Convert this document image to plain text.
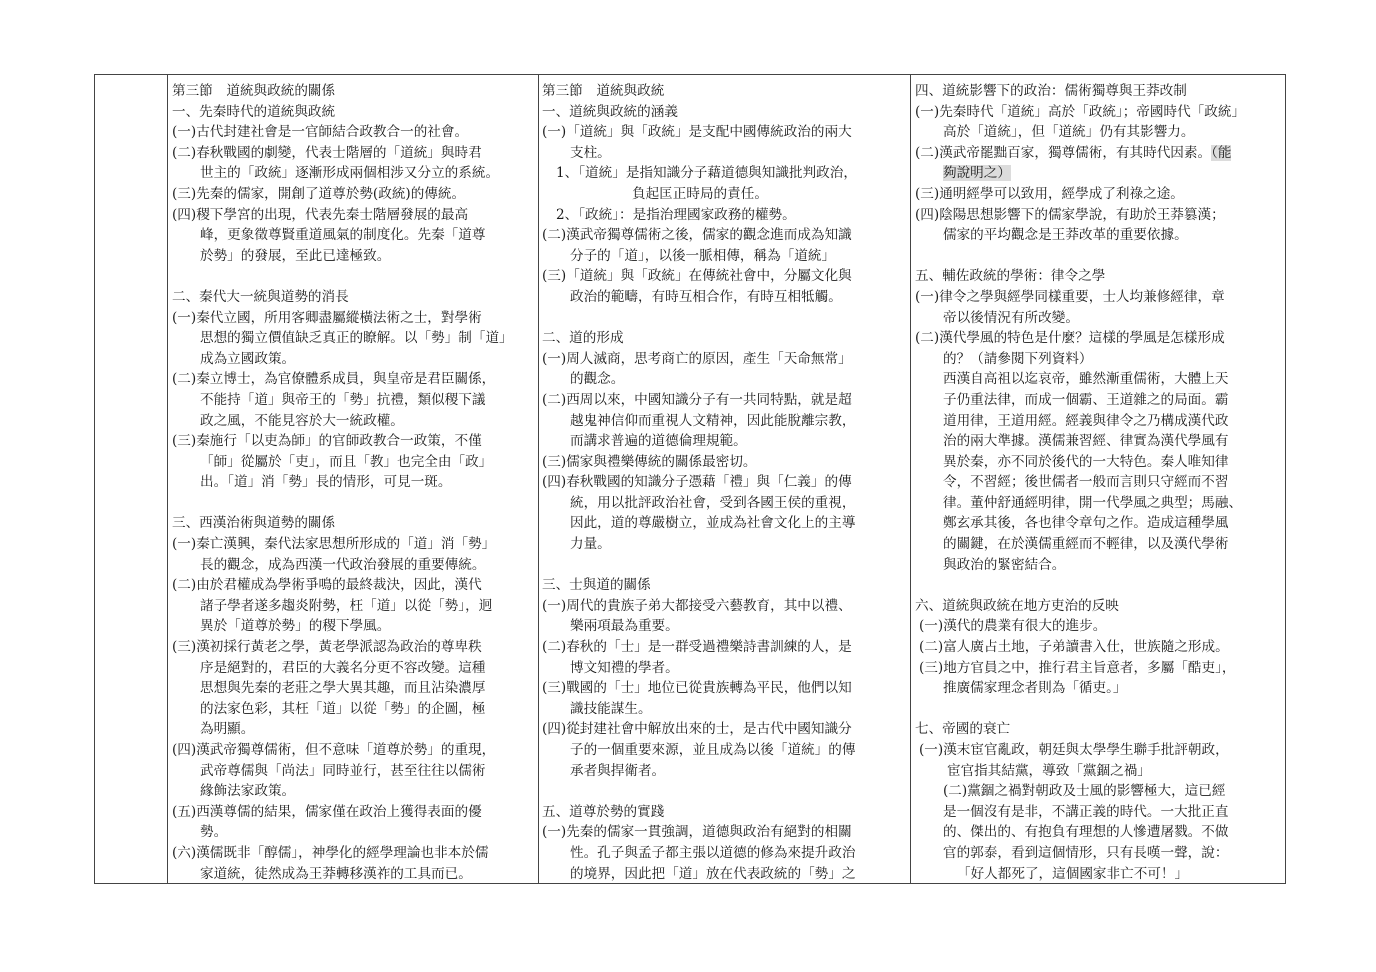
第三節　道統與政統的關係
一、先秦時代的道統與政統
(一)古代封建社會是一官師結合政教合一的社會。
(二)春秋戰國的劇變，代表士階層的「道統」與時君
世主的「政統」逐漸形成兩個相涉又分立的系統。
(三)先秦的儒家，開創了道尊於勢(政統)的傳統。
(四)稷下學宮的出現，代表先秦士階層發展的最高
峰，更象徵尊賢重道風氣的制度化。先秦「道尊
於勢」的發展，至此已達極致。
二、秦代大一統與道勢的消長
(一)秦代立國，所用客卿盡屬縱橫法術之士，對學術
思想的獨立價值缺乏真正的瞭解。以「勢」制「道」
成為立國政策。
(二)秦立博士，為官僚體系成員，與皇帝是君臣關係，
不能持「道」與帝王的「勢」抗禮，類似稷下議
政之風，不能見容於大一統政權。
(三)秦施行「以吏為師」的官師政教合一政策，不僅
「師」從屬於「吏」，而且「教」也完全由「政」
出。「道」消「勢」長的情形，可見一斑。
三、西漢治術與道勢的關係
(一)秦亡漢興，秦代法家思想所形成的「道」消「勢」
長的觀念，成為西漢一代政治發展的重要傳統。
(二)由於君權成為學術爭鳴的最終裁決，因此，漢代
諸子學者遂多趨炎附勢，枉「道」以從「勢」，迥
異於「道尊於勢」的稷下學風。
(三)漢初採行黃老之學，黃老學派認為政治的尊卑秩
序是絕對的，君臣的大義名分更不容改變。這種
思想與先秦的老莊之學大異其趣，而且沾染濃厚
的法家色彩，其枉「道」以從「勢」的企圖，極
為明顯。
(四)漢武帝獨尊儒術，但不意味「道尊於勢」的重現，
武帝尊儒與「尚法」同時並行，甚至往往以儒術
緣飾法家政策。
(五)西漢尊儒的結果，儒家僅在政治上獲得表面的優
勢。
(六)漢儒既非「醇儒」，神學化的經學理論也非本於儒
家道統，徒然成為王莽轉移漢祚的工具而已。
第三節　道統與政統
一、道統與政統的涵義
(一)「道統」與「政統」是支配中國傳統政治的兩大
支柱。
1、「道統」是指知識分子藉道德與知識批判政治，
負起匡正時局的責任。
2、「政統」：是指治理國家政務的權勢。
(二)漢武帝獨尊儒術之後，儒家的觀念進而成為知識
分子的「道」，以後一脈相傳，稱為「道統」
(三)「道統」與「政統」在傳統社會中，分屬文化與
政治的範疇，有時互相合作，有時互相牴觸。
二、道的形成
(一)周人滅商，思考商亡的原因，產生「天命無常」
的觀念。
(二)西周以來，中國知識分子有一共同特點，就是超
越鬼神信仰而重視人文精神，因此能脫離宗教，
而講求普遍的道德倫理規範。
(三)儒家與禮樂傳統的關係最密切。
(四)春秋戰國的知識分子憑藉「禮」與「仁義」的傳
統，用以批評政治社會，受到各國王侯的重視，
因此，道的尊嚴樹立，並成為社會文化上的主導
力量。
三、士與道的關係
(一)周代的貴族子弟大都接受六藝教育，其中以禮、
樂兩項最為重要。
(二)春秋的「士」是一群受過禮樂詩書訓練的人，是
博文知禮的學者。
(三)戰國的「士」地位已從貴族轉為平民，他們以知
識技能謀生。
(四)從封建社會中解放出來的士，是古代中國知識分
子的一個重要來源，並且成為以後「道統」的傳
承者與捍衛者。
五、道尊於勢的實踐
(一)先秦的儒家一貫強調，道德與政治有絕對的相關
性。孔子與孟子都主張以道德的修為來提升政治
的境界，因此把「道」放在代表政統的「勢」之
四、道統影響下的政治：儒術獨尊與王莽改制
(一)先秦時代「道統」高於「政統」；帝國時代「政統」
高於「道統」，但「道統」仍有其影響力。
(二)漢武帝罷黜百家，獨尊儒術，有其時代因素。（能
夠說明之）
(三)通明經學可以致用，經學成了利祿之途。
(四)陰陽思想影響下的儒家學說，有助於王莽篡漢；
儒家的平均觀念是王莽改革的重要依據。
五、輔佐政統的學術：律令之學
(一)律令之學與經學同樣重要，士人均兼修經律，章
帝以後情況有所改變。
(二)漢代學風的特色是什麼？這樣的學風是怎樣形成
的？（請參閱下列資料）
西漢自高祖以迄哀帝，雖然漸重儒術，大體上天
子仍重法律，而成一個霸、王道雜之的局面。霸
道用律，王道用經。經義與律令之乃構成漢代政
治的兩大準據。漢儒兼習經、律實為漢代學風有
異於秦，亦不同於後代的一大特色。秦人唯知律
令，不習經；後世儒者一般而言則只守經而不習
律。董仲舒通經明律，開一代學風之典型；馬融、
鄭玄承其後，各也律令章句之作。造成這種學風
的關鍵，在於漢儒重經而不輕律，以及漢代學術
與政治的緊密結合。
六、道統與政統在地方吏治的反映
(一)漢代的農業有很大的進步。
(二)富人廣占土地，子弟讀書入仕，世族隨之形成。
(三)地方官員之中，推行君主旨意者，多屬「酷吏」，
推廣儒家理念者則為「循吏。」
七、帝國的衰亡
(一)漢末宦官亂政，朝廷與太學學生聯手批評朝政，
宦官指其結黨，導致「黨錮之禍」
(二)黨錮之禍對朝政及士風的影響極大，這已經
是一個沒有是非，不講正義的時代。一大批正直
的、傑出的、有抱負有理想的人慘遭屠戮。不做
官的郭泰，看到這個情形，只有長嘆一聲，說：
「好人都死了，這個國家非亡不可！」
